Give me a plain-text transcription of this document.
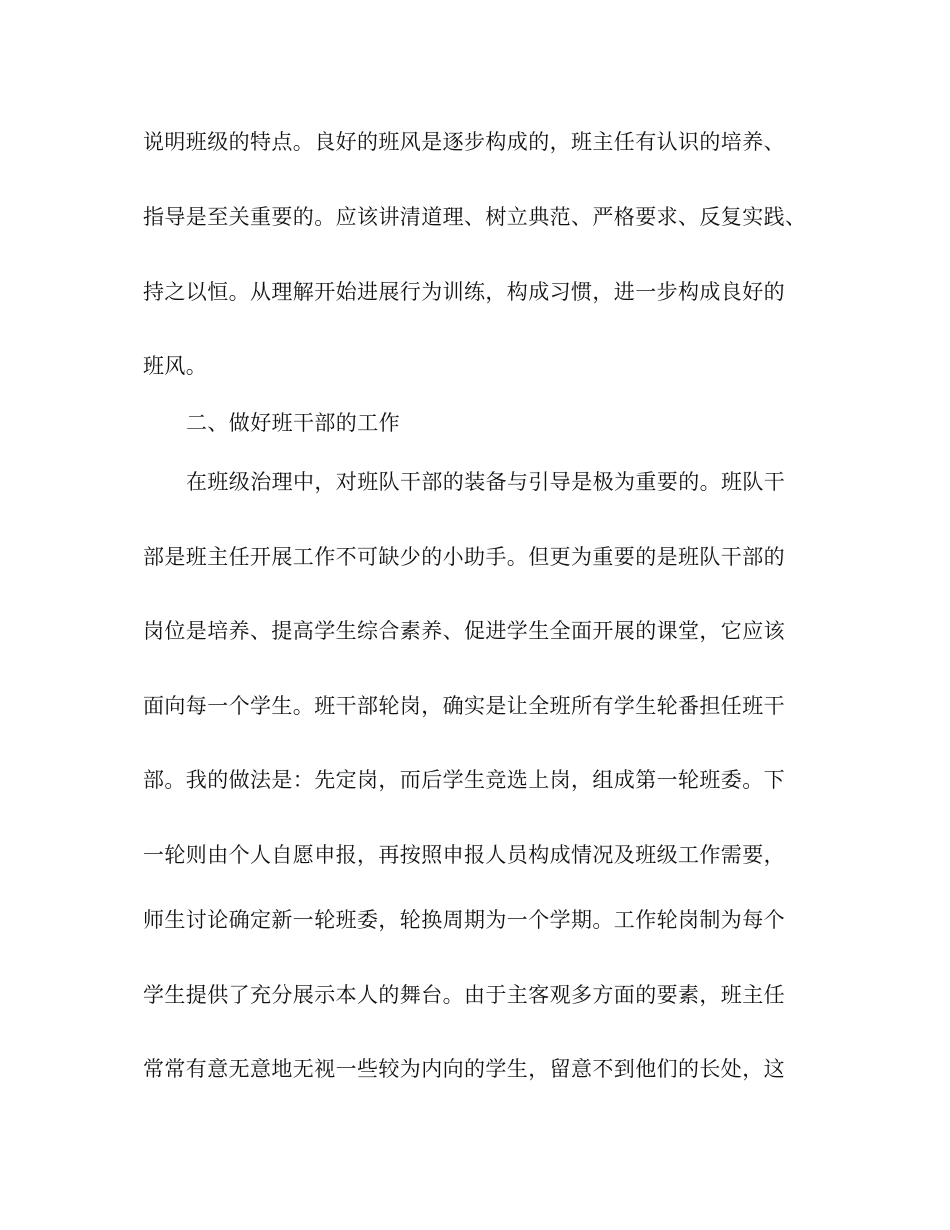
说明班级的特点。良好的班风是逐步构成的，班主任有认识的培养、
指导是至关重要的。应该讲清道理、树立典范、严格要求、反复实践、
持之以恒。从理解开始进展行为训练，构成习惯，进一步构成良好的
班风。
二、做好班干部的工作
在班级治理中，对班队干部的装备与引导是极为重要的。班队干
部是班主任开展工作不可缺少的小助手。但更为重要的是班队干部的
岗位是培养、提高学生综合素养、促进学生全面开展的课堂，它应该
面向每一个学生。班干部轮岗，确实是让全班所有学生轮番担任班干
部。我的做法是：先定岗，而后学生竞选上岗，组成第一轮班委。下
一轮则由个人自愿申报，再按照申报人员构成情况及班级工作需要，
师生讨论确定新一轮班委，轮换周期为一个学期。工作轮岗制为每个
学生提供了充分展示本人的舞台。由于主客观多方面的要素，班主任
常常有意无意地无视一些较为内向的学生，留意不到他们的长处，这
